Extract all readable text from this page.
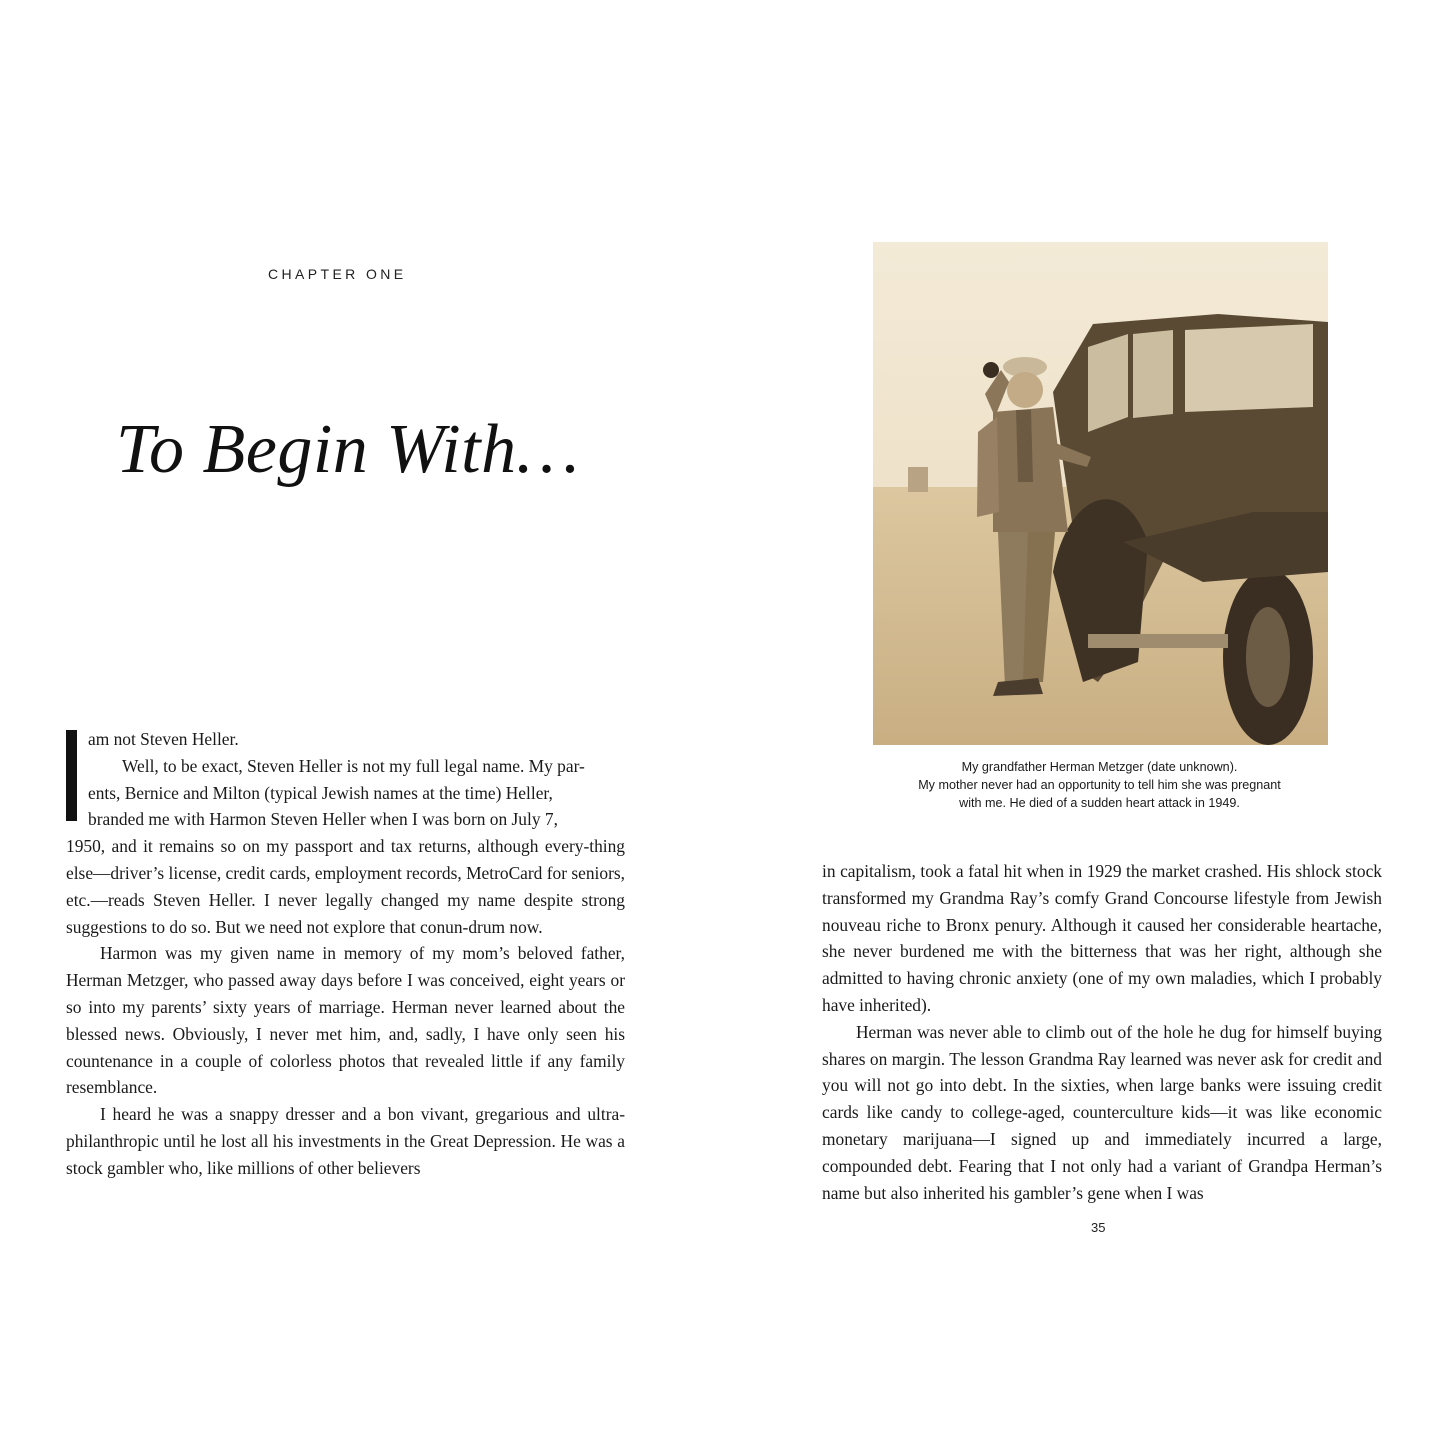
CHAPTER ONE
To Begin With…

am not Steven Heller.

Well, to be exact, Steven Heller is not my full legal name. My par-

ents, Bernice and Milton (typical Jewish names at the time) Heller,

branded me with Harmon Steven Heller when I was born on July 7,

1950, and it remains so on my passport and tax returns, although every-thing else—driver’s license, credit cards, employment records, MetroCard for seniors, etc.—reads Steven Heller. I never legally changed my name despite strong suggestions to do so. But we need not explore that conun-drum now.

Harmon was my given name in memory of my mom’s beloved father, Herman Metzger, who passed away days before I was conceived, eight years or so into my parents’ sixty years of marriage. Herman never learned about the blessed news. Obviously, I never met him, and, sadly, I have only seen his countenance in a couple of colorless photos that revealed little if any family resemblance.

I heard he was a snappy dresser and a bon vivant, gregarious and ultra-philanthropic until he lost all his investments in the Great Depression. He was a stock gambler who, like millions of other believers

My grandfather Herman Metzger (date unknown).
My mother never had an opportunity to tell him she was pregnant
with me. He died of a sudden heart attack in 1949.

in capitalism, took a fatal hit when in 1929 the market crashed. His shlock stock transformed my Grandma Ray’s comfy Grand Concourse lifestyle from Jewish nouveau riche to Bronx penury. Although it caused her considerable heartache, she never burdened me with the bitterness that was her right, although she admitted to having chronic anxiety (one of my own maladies, which I probably have inherited).

Herman was never able to climb out of the hole he dug for himself buying shares on margin. The lesson Grandma Ray learned was never ask for credit and you will not go into debt. In the sixties, when large banks were issuing credit cards like candy to college-aged, counterculture kids—it was like economic monetary marijuana—I signed up and immediately incurred a large, compounded debt. Fearing that I not only had a variant of Grandpa Herman’s name but also inherited his gambler’s gene when I was

35
